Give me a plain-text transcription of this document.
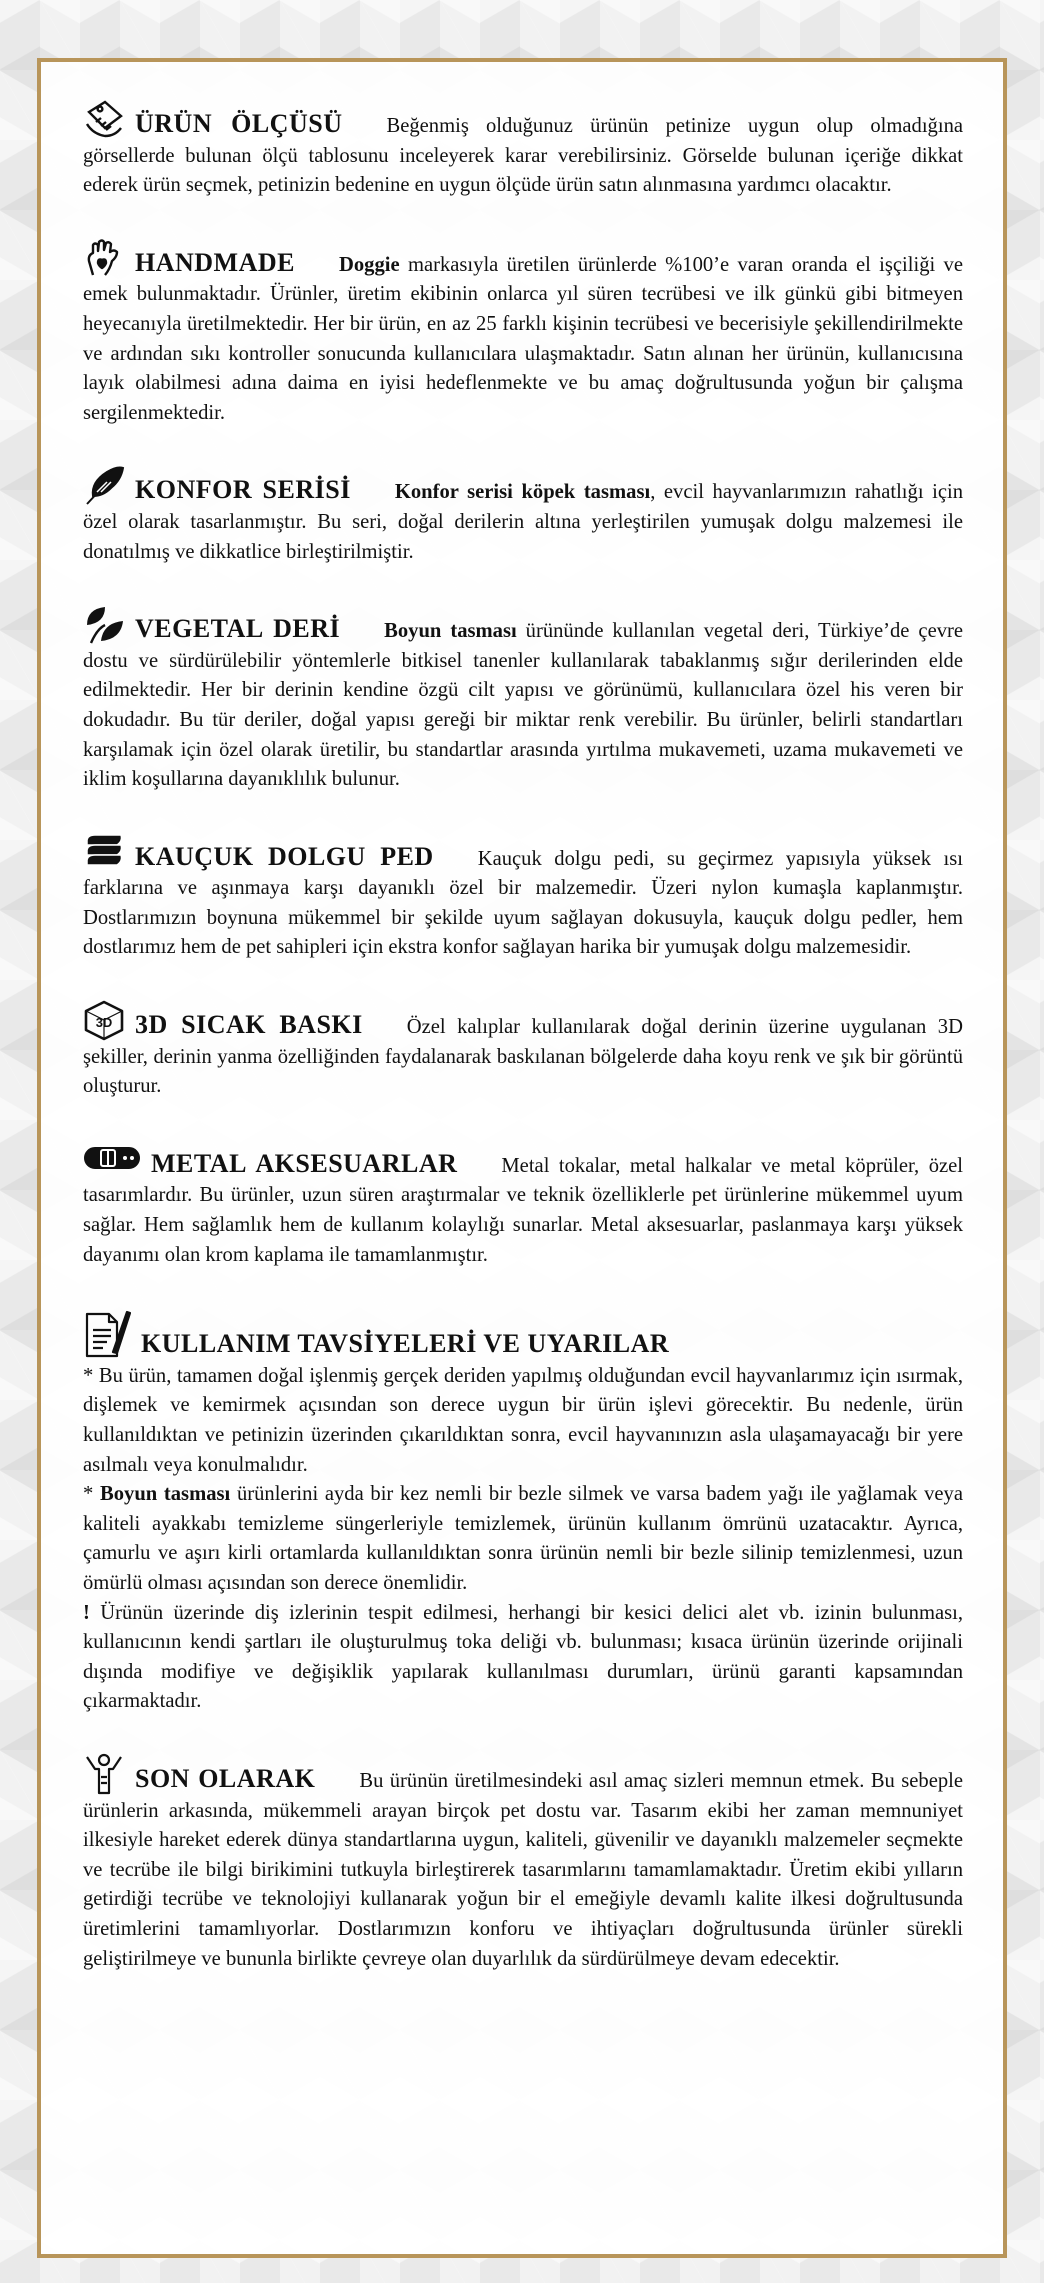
ÜRÜN ÖLÇÜSÜ Beğenmiş olduğunuz ürünün petinize uygun olup olmadığına görsellerde bulunan ölçü tablosunu inceleyerek karar verebilirsiniz. Görselde bulunan içeriğe dikkat ederek ürün seçmek, petinizin bedenine en uygun ölçüde ürün satın alınmasına yardımcı olacaktır.

HANDMADE Doggie markasıyla üretilen ürünlerde %100’e varan oranda el işçiliği ve emek bulunmaktadır. Ürünler, üretim ekibinin onlarca yıl süren tecrübesi ve ilk günkü gibi bitmeyen heyecanıyla üretilmektedir. Her bir ürün, en az 25 farklı kişinin tecrübesi ve becerisiyle şekillendirilmekte ve ardından sıkı kontroller sonucunda kullanıcılara ulaşmaktadır. Satın alınan her ürünün, kullanıcısına layık olabilmesi adına daima en iyisi hedeflenmekte ve bu amaç doğrultusunda yoğun bir çalışma sergilenmektedir.

KONFOR SERİSİ Konfor serisi köpek tasması, evcil hayvanlarımızın rahatlığı için özel olarak tasarlanmıştır. Bu seri, doğal derilerin altına yerleştirilen yumuşak dolgu malzemesi ile donatılmış ve dikkatlice birleştirilmiştir.

VEGETAL DERİ Boyun tasması ürününde kullanılan vegetal deri, Türkiye’de çevre dostu ve sürdürülebilir yöntemlerle bitkisel tanenler kullanılarak tabaklanmış sığır derilerinden elde edilmektedir. Her bir derinin kendine özgü cilt yapısı ve görünümü, kullanıcılara özel his veren bir dokudadır. Bu tür deriler, doğal yapısı gereği bir miktar renk verebilir. Bu ürünler, belirli standartları karşılamak için özel olarak üretilir, bu standartlar arasında yırtılma mukavemeti, uzama mukavemeti ve iklim koşullarına dayanıklılık bulunur.

KAUÇUK DOLGU PED Kauçuk dolgu pedi, su geçirmez yapısıyla yüksek ısı farklarına ve aşınmaya karşı dayanıklı özel bir malzemedir. Üzeri nylon kumaşla kaplanmıştır. Dostlarımızın boynuna mükemmel bir şekilde uyum sağlayan dokusuyla, kauçuk dolgu pedler, hem dostlarımız hem de pet sahipleri için ekstra konfor sağlayan harika bir yumuşak dolgu malzemesidir.

3D 3D SICAK BASKI Özel kalıplar kullanılarak doğal derinin üzerine uygulanan 3D şekiller, derinin yanma özelliğinden faydalanarak baskılanan bölgelerde daha koyu renk ve şık bir görüntü oluşturur.

METAL AKSESUARLAR Metal tokalar, metal halkalar ve metal köprüler, özel tasarımlardır. Bu ürünler, uzun süren araştırmalar ve teknik özelliklerle pet ürünlerine mükemmel uyum sağlar. Hem sağlamlık hem de kullanım kolaylığı sunarlar. Metal aksesuarlar, paslanmaya karşı yüksek dayanımı olan krom kaplama ile tamamlanmıştır.

KULLANIM TAVSİYELERİ VE UYARILAR

* Bu ürün, tamamen doğal işlenmiş gerçek deriden yapılmış olduğundan evcil hayvanlarımız için ısırmak, dişlemek ve kemirmek açısından son derece uygun bir ürün işlevi görecektir. Bu nedenle, ürün kullanıldıktan ve petinizin üzerinden çıkarıldıktan sonra, evcil hayvanınızın asla ulaşamayacağı bir yere asılmalı veya konulmalıdır.

* Boyun tasması ürünlerini ayda bir kez nemli bir bezle silmek ve varsa badem yağı ile yağlamak veya kaliteli ayakkabı temizleme süngerleriyle temizlemek, ürünün kullanım ömrünü uzatacaktır. Ayrıca, çamurlu ve aşırı kirli ortamlarda kullanıldıktan sonra ürünün nemli bir bezle silinip temizlenmesi, uzun ömürlü olması açısından son derece önemlidir.

! Ürünün üzerinde diş izlerinin tespit edilmesi, herhangi bir kesici delici alet vb. izinin bulunması, kullanıcının kendi şartları ile oluşturulmuş toka deliği vb. bulunması; kısaca ürünün üzerinde orijinali dışında modifiye ve değişiklik yapılarak kullanılması durumları, ürünü garanti kapsamından çıkarmaktadır.

SON OLARAK Bu ürünün üretilmesindeki asıl amaç sizleri memnun etmek. Bu sebeple ürünlerin arkasında, mükemmeli arayan birçok pet dostu var. Tasarım ekibi her zaman memnuniyet ilkesiyle hareket ederek dünya standartlarına uygun, kaliteli, güvenilir ve dayanıklı malzemeler seçmekte ve tecrübe ile bilgi birikimini tutkuyla birleştirerek tasarımlarını tamamlamaktadır. Üretim ekibi yılların getirdiği tecrübe ve teknolojiyi kullanarak yoğun bir el emeğiyle devamlı kalite ilkesi doğrultusunda üretimlerini tamamlıyorlar. Dostlarımızın konforu ve ihtiyaçları doğrultusunda ürünler sürekli geliştirilmeye ve bununla birlikte çevreye olan duyarlılık da sürdürülmeye devam edecektir.
